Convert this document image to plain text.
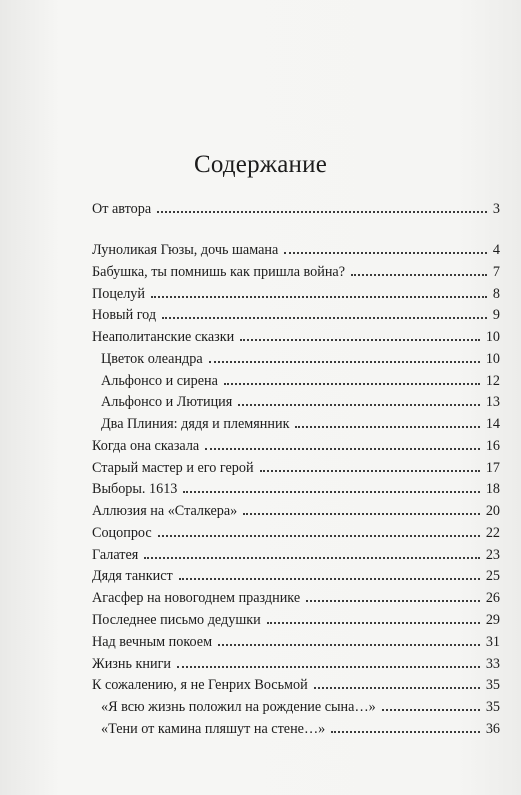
Содержание
От автора	3
Луноликая Гюзы, дочь шамана	4
Бабушка, ты помнишь как пришла война?	7
Поцелуй	8
Новый год	9
Неаполитанские сказки	10
Цветок олеандра	10
Альфонсо и сирена	12
Альфонсо и Лютиция	13
Два Плиния: дядя и племянник	14
Когда она сказала	16
Старый мастер и его герой	17
Выборы. 1613	18
Аллюзия на «Сталкера»	20
Соцопрос	22
Галатея	23
Дядя танкист	25
Агасфер на новогоднем празднике	26
Последнее письмо дедушки	29
Над вечным покоем	31
Жизнь книги	33
К сожалению, я не Генрих Восьмой	35
«Я всю жизнь положил на рождение сына…»	35
«Тени от камина пляшут на стене…»	36
